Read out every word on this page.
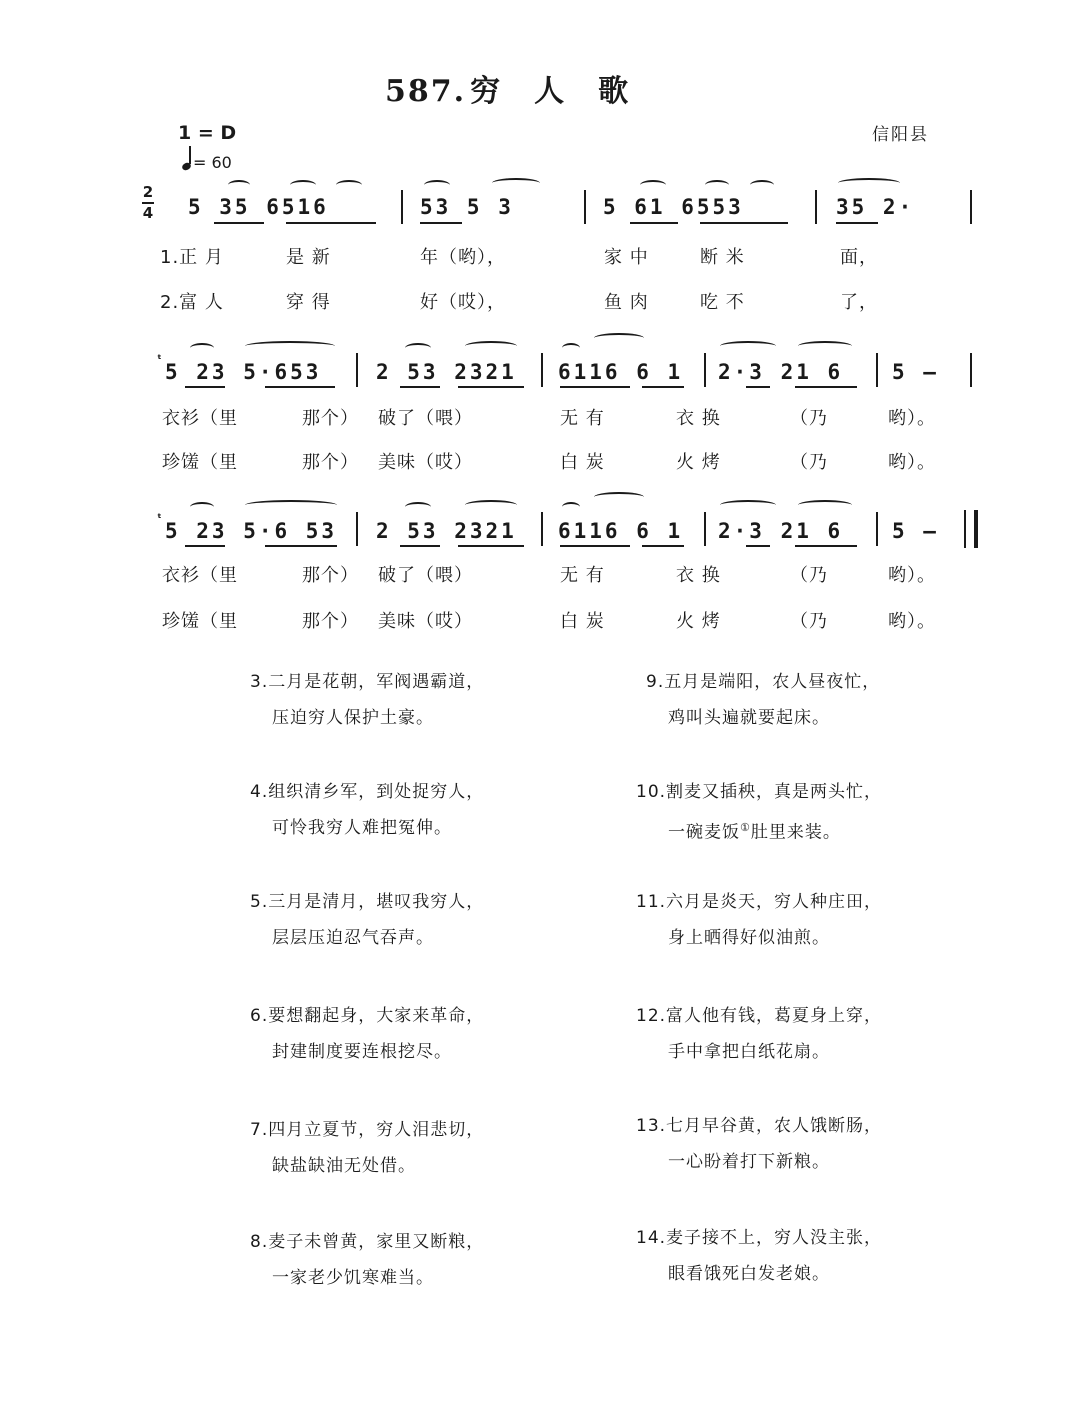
587. 穷人歌
1 = D
= 60
信阳县
2
4 5 35 6516	53 5 3	5 61 6553	35 2·
1.正 月	是 新	年（哟），	家 中	断 米	面，
2.富 人	穿 得	好（哎），	鱼 肉	吃 不	了，
ᵗ
5 23 5·653	2 53 2321 6116 6 1 2·3 21 6 5 –
衣衫（里	那个） 破了（喂）	无 有	衣 换	（乃	哟）。
珍馐（里	那个） 美味（哎）	白 炭	火 烤	（乃	哟）。
ᵗ
5 23 5·6 53 2 53 2321 6116 6 1 2·3 21 6 5 –
衣衫（里	那个） 破了（喂）	无 有	衣 换	（乃	哟）。
珍馐（里	那个） 美味（哎）	白 炭	火 烤	（乃	哟）。
3.二月是花朝，军阀遇霸道，
压迫穷人保护土豪。
4.组织清乡军，到处捉穷人，
可怜我穷人难把冤伸。
5.三月是清月，堪叹我穷人，
层层压迫忍气吞声。
6.要想翻起身，大家来革命，
封建制度要连根挖尽。
7.四月立夏节，穷人泪悲切，
缺盐缺油无处借。
8.麦子未曾黄，家里又断粮，
一家老少饥寒难当。
9.五月是端阳，农人昼夜忙，
鸡叫头遍就要起床。
10.割麦又插秧，真是两头忙，
一碗麦饭①肚里来装。
11.六月是炎天，穷人种庄田，
身上晒得好似油煎。
12.富人他有钱，葛夏身上穿，
手中拿把白纸花扇。
13.七月早谷黄，农人饿断肠，
一心盼着打下新粮。
14.麦子接不上，穷人没主张，
眼看饿死白发老娘。
